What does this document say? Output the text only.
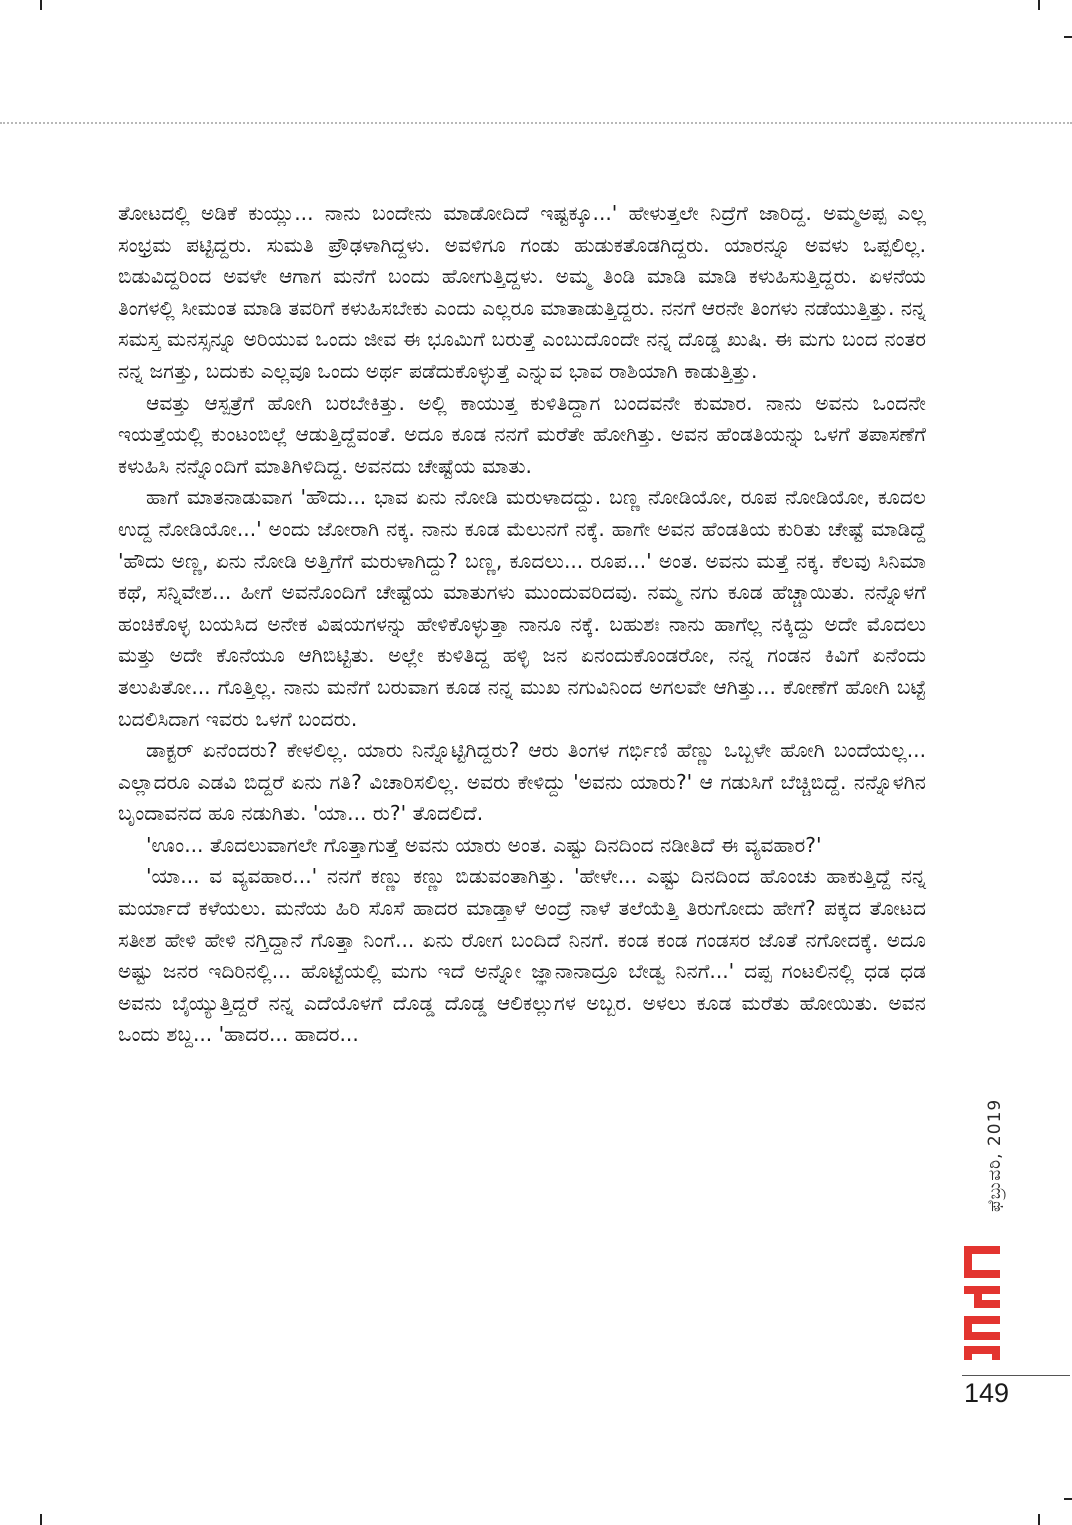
ತೋಟದಲ್ಲಿ ಅಡಿಕೆ ಕುಯ್ಲು... ನಾನು ಬಂದೇನು ಮಾಡೋದಿದೆ ಇಷ್ಟಕ್ಕೂ...' ಹೇಳುತ್ತಲೇ ನಿದ್ರೆಗೆ ಜಾರಿದ್ದ. ಅಮ್ಮ‌ಅಪ್ಪ ಎಲ್ಲ ಸಂಭ್ರಮ ಪಟ್ಟಿದ್ದರು. ಸುಮತಿ ಪ್ರೌಢಳಾಗಿದ್ದಳು. ಅವಳಿಗೂ ಗಂಡು ಹುಡುಕತೊಡಗಿದ್ದರು. ಯಾರನ್ನೂ ಅವಳು ಒಪ್ಪಲಿಲ್ಲ. ಬಿಡುವಿದ್ದರಿಂದ ಅವಳೇ ಆಗಾಗ ಮನೆಗೆ ಬಂದು ಹೋಗುತ್ತಿದ್ದಳು. ಅಮ್ಮ ತಿಂಡಿ ಮಾಡಿ ಮಾಡಿ ಕಳುಹಿಸುತ್ತಿದ್ದರು. ಏಳನೆಯ ತಿಂಗಳಲ್ಲಿ ಸೀಮಂತ ಮಾಡಿ ತವರಿಗೆ ಕಳುಹಿಸಬೇಕು ಎಂದು ಎಲ್ಲರೂ ಮಾತಾಡುತ್ತಿದ್ದರು. ನನಗೆ ಆರನೇ ತಿಂಗಳು ನಡೆಯುತ್ತಿತ್ತು. ನನ್ನ ಸಮಸ್ತ ಮನಸ್ಸನ್ನೂ ಅರಿಯುವ ಒಂದು ಜೀವ ಈ ಭೂಮಿಗೆ ಬರುತ್ತೆ ಎಂಬುದೊಂದೇ ನನ್ನ ದೊಡ್ಡ ಖುಷಿ. ಈ ಮಗು ಬಂದ ನಂತರ ನನ್ನ ಜಗತ್ತು, ಬದುಕು ಎಲ್ಲವೂ ಒಂದು ಅರ್ಥ ಪಡೆದುಕೊಳ್ಳುತ್ತೆ ಎನ್ನುವ ಭಾವ ರಾಶಿಯಾಗಿ ಕಾಡುತ್ತಿತ್ತು.

ಆವತ್ತು ಆಸ್ಪತ್ರೆಗೆ ಹೋಗಿ ಬರಬೇಕಿತ್ತು. ಅಲ್ಲಿ ಕಾಯುತ್ತ ಕುಳಿತಿದ್ದಾಗ ಬಂದವನೇ ಕುಮಾರ. ನಾನು ಅವನು ಒಂದನೇ ಇಯತ್ತೆಯಲ್ಲಿ ಕುಂಟಂಬಿಲ್ಲೆ ಆಡುತ್ತಿದ್ದೆವಂತೆ. ಅದೂ ಕೂಡ ನನಗೆ ಮರೆತೇ ಹೋಗಿತ್ತು. ಅವನ ಹೆಂಡತಿಯನ್ನು ಒಳಗೆ ತಪಾಸಣೆಗೆ ಕಳುಹಿಸಿ ನನ್ನೊಂದಿಗೆ ಮಾತಿಗಿಳಿದಿದ್ದ. ಅವನದು ಚೇಷ್ಟೆಯ ಮಾತು.

ಹಾಗೆ ಮಾತನಾಡುವಾಗ 'ಹೌದು... ಭಾವ ಏನು ನೋಡಿ ಮರುಳಾದದ್ದು. ಬಣ್ಣ ನೋಡಿಯೋ, ರೂಪ ನೋಡಿಯೋ, ಕೂದಲ ಉದ್ದ ನೋಡಿಯೋ...' ಅಂದು ಜೋರಾಗಿ ನಕ್ಕ. ನಾನು ಕೂಡ ಮೆಲುನಗೆ ನಕ್ಕೆ. ಹಾಗೇ ಅವನ ಹೆಂಡತಿಯ ಕುರಿತು ಚೇಷ್ಟೆ ಮಾಡಿದ್ದೆ 'ಹೌದು ಅಣ್ಣ, ಏನು ನೋಡಿ ಅತ್ತಿಗೆಗೆ ಮರುಳಾಗಿದ್ದು? ಬಣ್ಣ, ಕೂದಲು... ರೂಪ...' ಅಂತ. ಅವನು ಮತ್ತೆ ನಕ್ಕ. ಕೆಲವು ಸಿನಿಮಾ ಕಥೆ, ಸನ್ನಿವೇಶ... ಹೀಗೆ ಅವನೊಂದಿಗೆ ಚೇಷ್ಟೆಯ ಮಾತುಗಳು ಮುಂದುವರಿದವು. ನಮ್ಮ ನಗು ಕೂಡ ಹೆಚ್ಚಾಯಿತು. ನನ್ನೊಳಗೆ ಹಂಚಿಕೊಳ್ಳ ಬಯಸಿದ ಅನೇಕ ವಿಷಯಗಳನ್ನು ಹೇಳಿಕೊಳ್ಳುತ್ತಾ ನಾನೂ ನಕ್ಕೆ. ಬಹುಶಃ ನಾನು ಹಾಗೆಲ್ಲ ನಕ್ಕಿದ್ದು ಅದೇ ಮೊದಲು ಮತ್ತು ಅದೇ ಕೊನೆಯೂ ಆಗಿಬಿಟ್ಟಿತು. ಅಲ್ಲೇ ಕುಳಿತಿದ್ದ ಹಳ್ಳಿ ಜನ ಏನಂದುಕೊಂಡರೋ, ನನ್ನ ಗಂಡನ ಕಿವಿಗೆ ಏನೆಂದು ತಲುಪಿತೋ... ಗೊತ್ತಿಲ್ಲ. ನಾನು ಮನೆಗೆ ಬರುವಾಗ ಕೂಡ ನನ್ನ ಮುಖ ನಗುವಿನಿಂದ ಅಗಲವೇ ಆಗಿತ್ತು... ಕೋಣೆಗೆ ಹೋಗಿ ಬಟ್ಟೆ ಬದಲಿಸಿದಾಗ ಇವರು ಒಳಗೆ ಬಂದರು.

ಡಾಕ್ಟರ್ ಏನೆಂದರು? ಕೇಳಲಿಲ್ಲ. ಯಾರು ನಿನ್ನೊಟ್ಟಿಗಿದ್ದರು? ಆರು ತಿಂಗಳ ಗರ್ಭಿಣಿ ಹೆಣ್ಣು ಒಬ್ಬಳೇ ಹೋಗಿ ಬಂದೆಯಲ್ಲ... ಎಲ್ಲಾದರೂ ಎಡವಿ ಬಿದ್ದರೆ ಏನು ಗತಿ? ವಿಚಾರಿಸಲಿಲ್ಲ. ಅವರು ಕೇಳಿದ್ದು 'ಅವನು ಯಾರು?' ಆ ಗಡುಸಿಗೆ ಬೆಚ್ಚಿಬಿದ್ದೆ. ನನ್ನೊಳಗಿನ ಬೃಂದಾವನದ ಹೂ ನಡುಗಿತು. 'ಯಾ... ರು?' ತೊದಲಿದೆ.

'ಊಂ... ತೊದಲುವಾಗಲೇ ಗೊತ್ತಾಗುತ್ತೆ ಅವನು ಯಾರು ಅಂತ. ಎಷ್ಟು ದಿನದಿಂದ ನಡೀತಿದೆ ಈ ವ್ಯವಹಾರ?'

'ಯಾ... ವ ವ್ಯವಹಾರ...' ನನಗೆ ಕಣ್ಣು ಕಣ್ಣು ಬಿಡುವಂತಾಗಿತ್ತು. 'ಹೇಳೇ... ಎಷ್ಟು ದಿನದಿಂದ ಹೊಂಚು ಹಾಕುತ್ತಿದ್ದೆ ನನ್ನ ಮರ್ಯಾದೆ ಕಳೆಯಲು. ಮನೆಯ ಹಿರಿ ಸೊಸೆ ಹಾದರ ಮಾಡ್ತಾಳೆ ಅಂದ್ರೆ ನಾಳೆ ತಲೆಯೆತ್ತಿ ತಿರುಗೋದು ಹೇಗೆ? ಪಕ್ಕದ ತೋಟದ ಸತೀಶ ಹೇಳಿ ಹೇಳಿ ನಗ್ತಿದ್ದಾನೆ ಗೊತ್ತಾ ನಿಂಗೆ... ಏನು ರೋಗ ಬಂದಿದೆ ನಿನಗೆ. ಕಂಡ ಕಂಡ ಗಂಡಸರ ಜೊತೆ ನಗೋದಕ್ಕೆ. ಅದೂ ಅಷ್ಟು ಜನರ ಇದಿರಿನಲ್ಲಿ... ಹೊಟ್ಟೆಯಲ್ಲಿ ಮಗು ಇದೆ ಅನ್ನೋ ಜ್ಞಾನಾನಾದ್ರೂ ಬೇಡ್ವ ನಿನಗೆ...' ದಪ್ಪ ಗಂಟಲಿನಲ್ಲಿ ಧಡ ಧಡ ಅವನು ಬೈಯ್ಯುತ್ತಿದ್ದರೆ ನನ್ನ ಎದೆಯೊಳಗೆ ದೊಡ್ಡ ದೊಡ್ಡ ಆಲಿಕಲ್ಲುಗಳ ಅಬ್ಬರ. ಅಳಲು ಕೂಡ ಮರೆತು ಹೋಯಿತು. ಅವನ ಒಂದು ಶಬ್ದ... 'ಹಾದರ... ಹಾದರ...

ಫೆಬ್ರುವರಿ, 2019
149
